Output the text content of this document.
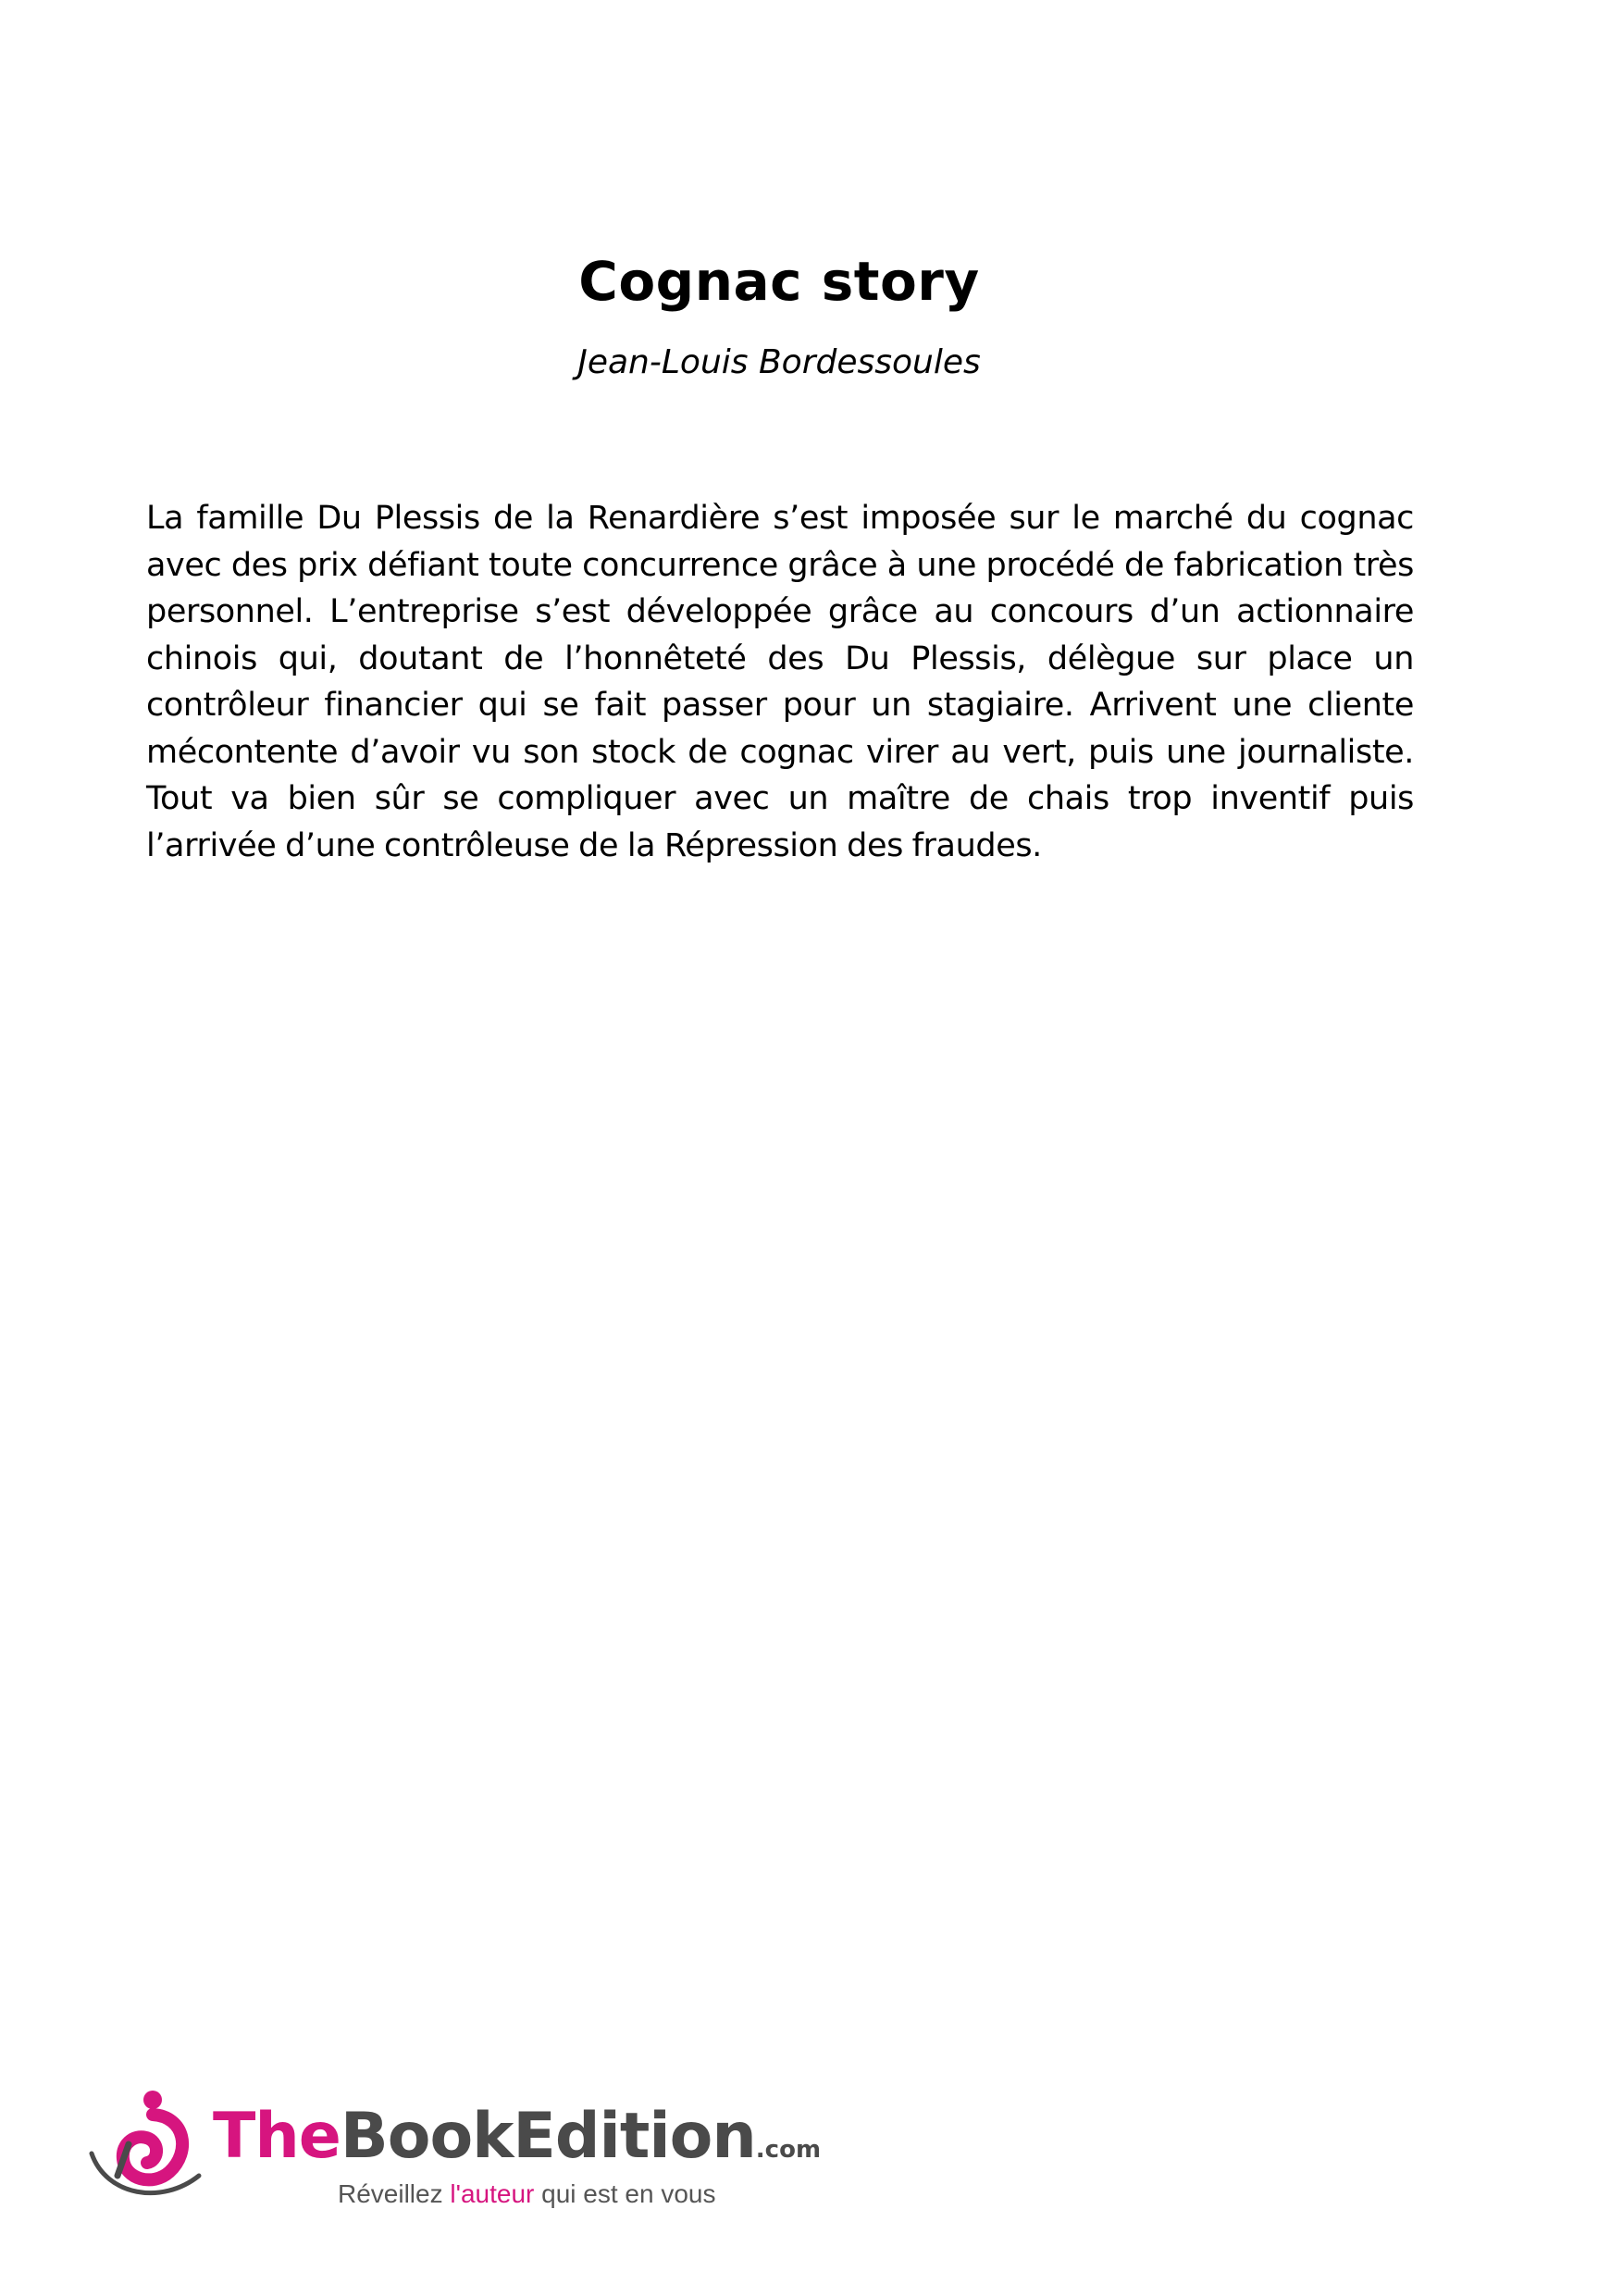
Cognac story
Jean-Louis Bordessoules

La famille Du Plessis de la Renardière s’est imposée sur le marché du cognac avec des prix défiant toute concurrence grâce à une procédé de fabrication très personnel. L’entreprise s’est développée grâce au concours d’un actionnaire chinois qui, doutant de l’honnêteté des Du Plessis, délègue sur place un contrôleur financier qui se fait passer pour un stagiaire. Arrivent une cliente mécontente d’avoir vu son stock de cognac virer au vert, puis une journaliste. Tout va bien sûr se compliquer avec un maître de chais trop inventif puis l’arrivée d’une contrôleuse de la Répression des fraudes.

TheBookEdition.com
Réveillez l'auteur qui est en vous
